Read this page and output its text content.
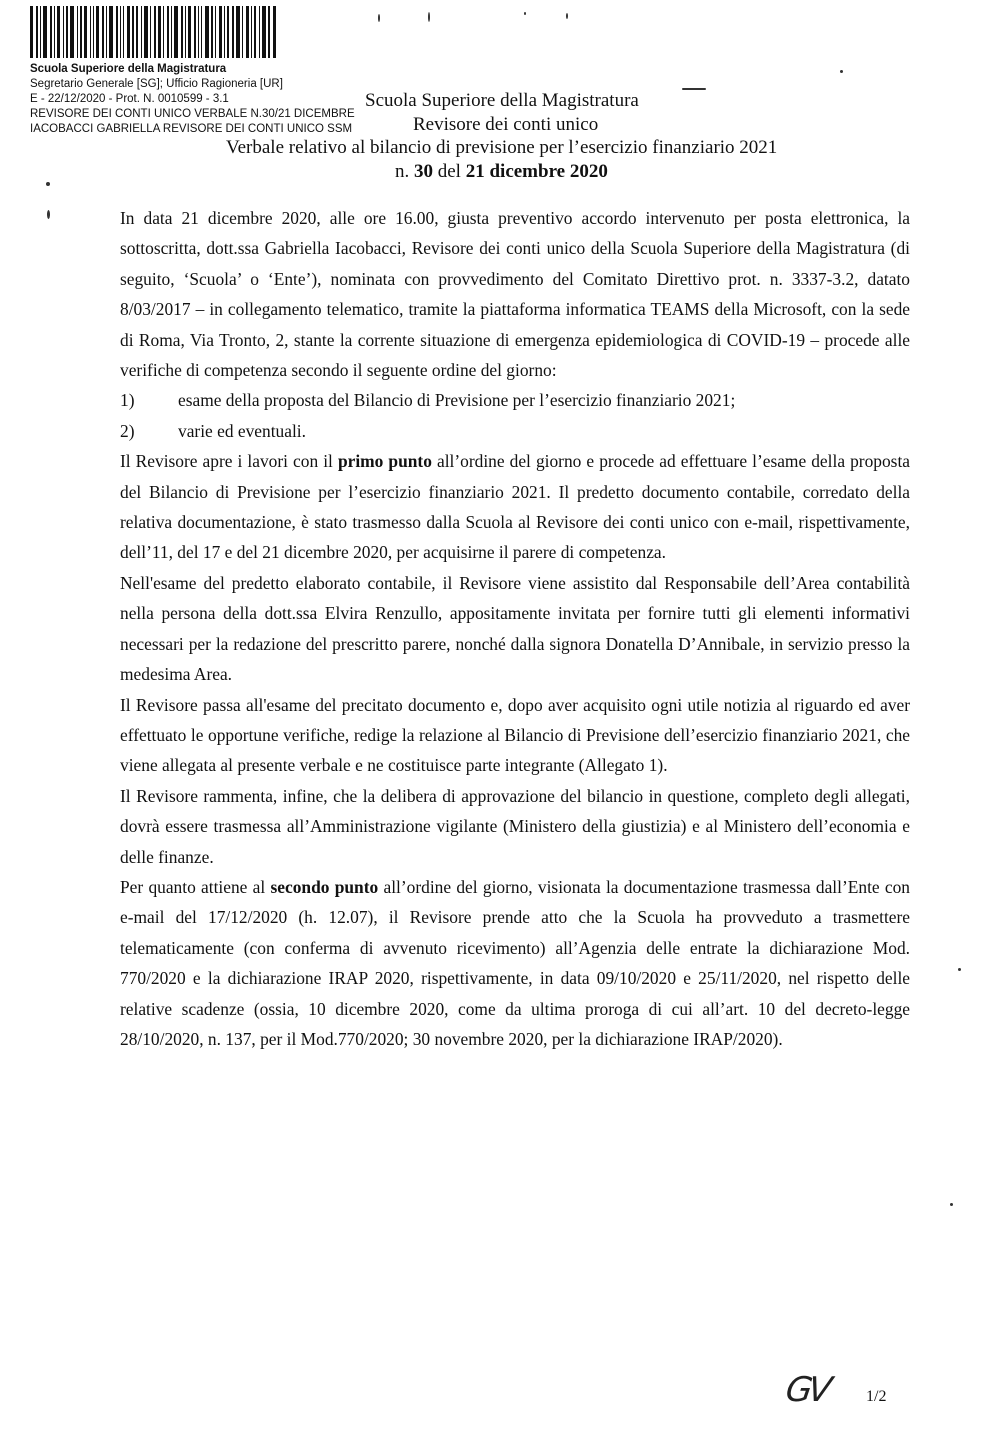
Scuola Superiore della Magistratura
Segretario Generale [SG]; Ufficio Ragioneria [UR]
E - 22/12/2020 - Prot. N. 0010599 - 3.1
REVISORE DEI CONTI UNICO VERBALE N.30/21 DICEMBRE
IACOBACCI GABRIELLA REVISORE DEI CONTI UNICO SSM
Scuola Superiore della Magistratura
Revisore dei conti unico
Verbale relativo al bilancio di previsione per l’esercizio finanziario 2021
n. 30 del 21 dicembre 2020

In data 21 dicembre 2020, alle ore 16.00, giusta preventivo accordo intervenuto per posta elettronica, la sottoscritta, dott.ssa Gabriella Iacobacci, Revisore dei conti unico della Scuola Superiore della Magistratura (di seguito, ‘Scuola’ o ‘Ente’), nominata con provvedimento del Comitato Direttivo prot. n. 3337-3.2, datato 8/03/2017 – in collegamento telematico, tramite la piattaforma informatica TEAMS della Microsoft, con la sede di Roma, Via Tronto, 2, stante la corrente situazione di emergenza epidemiologica di COVID-19 – procede alle verifiche di competenza secondo il seguente ordine del giorno:

1)	esame della proposta del Bilancio di Previsione per l’esercizio finanziario 2021;
2)	varie ed eventuali.

Il Revisore apre i lavori con il primo punto all’ordine del giorno e procede ad effettuare l’esame della proposta del Bilancio di Previsione per l’esercizio finanziario 2021. Il predetto documento contabile, corredato della relativa documentazione, è stato trasmesso dalla Scuola al Revisore dei conti unico con e-mail, rispettivamente, dell’11, del 17 e del 21 dicembre 2020, per acquisirne il parere di competenza.

Nell'esame del predetto elaborato contabile, il Revisore viene assistito dal Responsabile dell’Area contabilità nella persona della dott.ssa Elvira Renzullo, appositamente invitata per fornire tutti gli elementi informativi necessari per la redazione del prescritto parere, nonché dalla signora Donatella D’Annibale, in servizio presso la medesima Area.

Il Revisore passa all'esame del precitato documento e, dopo aver acquisito ogni utile notizia al riguardo ed aver effettuato le opportune verifiche, redige la relazione al Bilancio di Previsione dell’esercizio finanziario 2021, che viene allegata al presente verbale e ne costituisce parte integrante (Allegato 1).

Il Revisore rammenta, infine, che la delibera di approvazione del bilancio in questione, completo degli allegati, dovrà essere trasmessa all’Amministrazione vigilante (Ministero della giustizia) e al Ministero dell’economia e delle finanze.

Per quanto attiene al secondo punto all’ordine del giorno, visionata la documentazione trasmessa dall’Ente con e-mail del 17/12/2020 (h. 12.07), il Revisore prende atto che la Scuola ha provveduto a trasmettere telematicamente (con conferma di avvenuto ricevimento) all’Agenzia delle entrate la dichiarazione Mod. 770/2020 e la dichiarazione IRAP 2020, rispettivamente, in data 09/10/2020 e 25/11/2020, nel rispetto delle relative scadenze (ossia, 10 dicembre 2020, come da ultima proroga di cui all’art. 10 del decreto-legge 28/10/2020, n. 137, per il Mod.770/2020; 30 novembre 2020, per la dichiarazione IRAP/2020).

GV 1/2
